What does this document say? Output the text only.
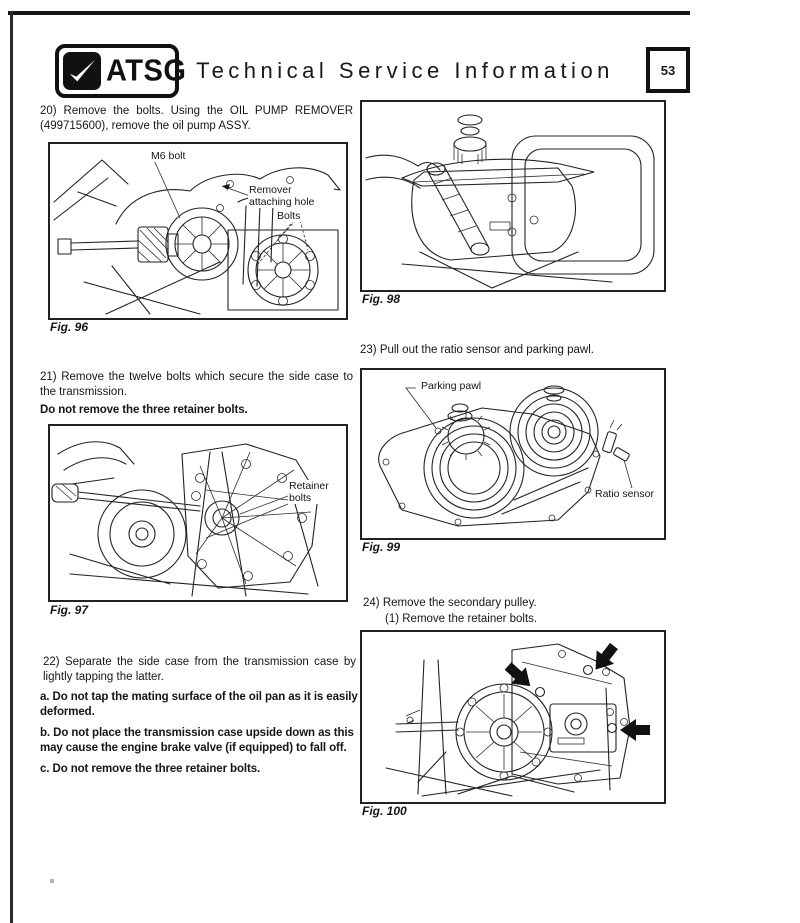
ATSG Technical Service Information	53
20) Remove the bolts. Using the OIL PUMP REMOVER (499715600), remove the oil pump ASSY.
M6 bolt
Remover attaching hole
Bolts
Fig. 96
21) Remove the twelve bolts which secure the side case to the transmission.
Do not remove the three retainer bolts.
Retainer bolts
Fig. 97
22) Separate the side case from the transmission case by lightly tapping the latter.

a. Do not tap the mating surface of the oil pan as it is easily deformed.

b. Do not place the transmission case upside down as this may cause the engine brake valve (if equipped) to fall off.

c. Do not remove the three retainer bolts.

Fig. 98
23) Pull out the ratio sensor and parking pawl.
Parking pawl
Ratio sensor
Fig. 99
24) Remove the secondary pulley.
(1) Remove the retainer bolts.
Fig. 100
